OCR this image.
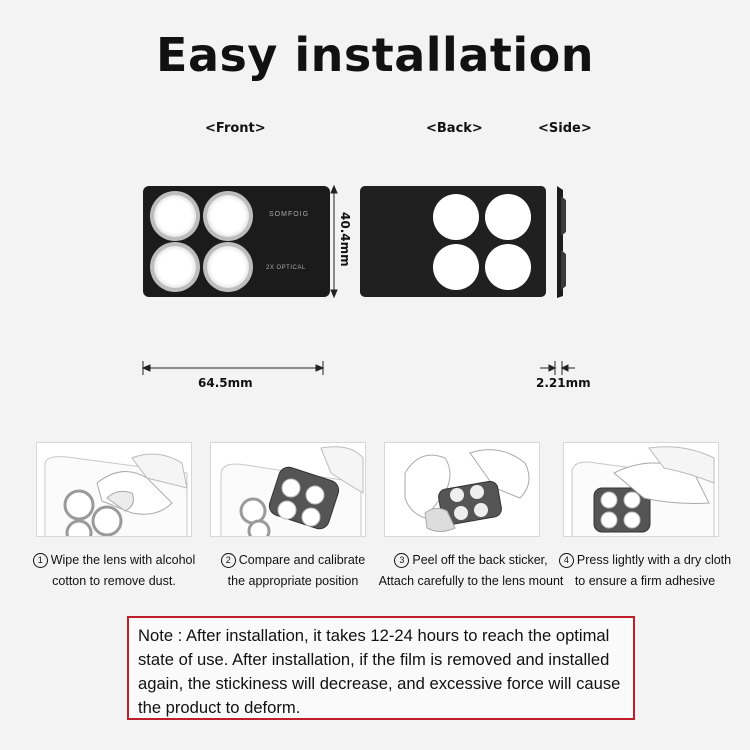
Easy installation
<Front>	<Back>	<Side>
SOMFOIG
2X OPTICAL
40.4mm
64.5mm	2.21mm
1 Wipe the lens with alcohol
cotton to remove dust.
2 Compare and calibrate
the appropriate position
3 Peel off the back sticker,
Attach carefully to the lens mount
4 Press lightly with a dry cloth
to ensure a firm adhesive
Note : After installation, it takes 12-24 hours to reach the optimal state of use. After installation, if the film is removed and installed again, the stickiness will decrease, and excessive force will cause the product to deform.
